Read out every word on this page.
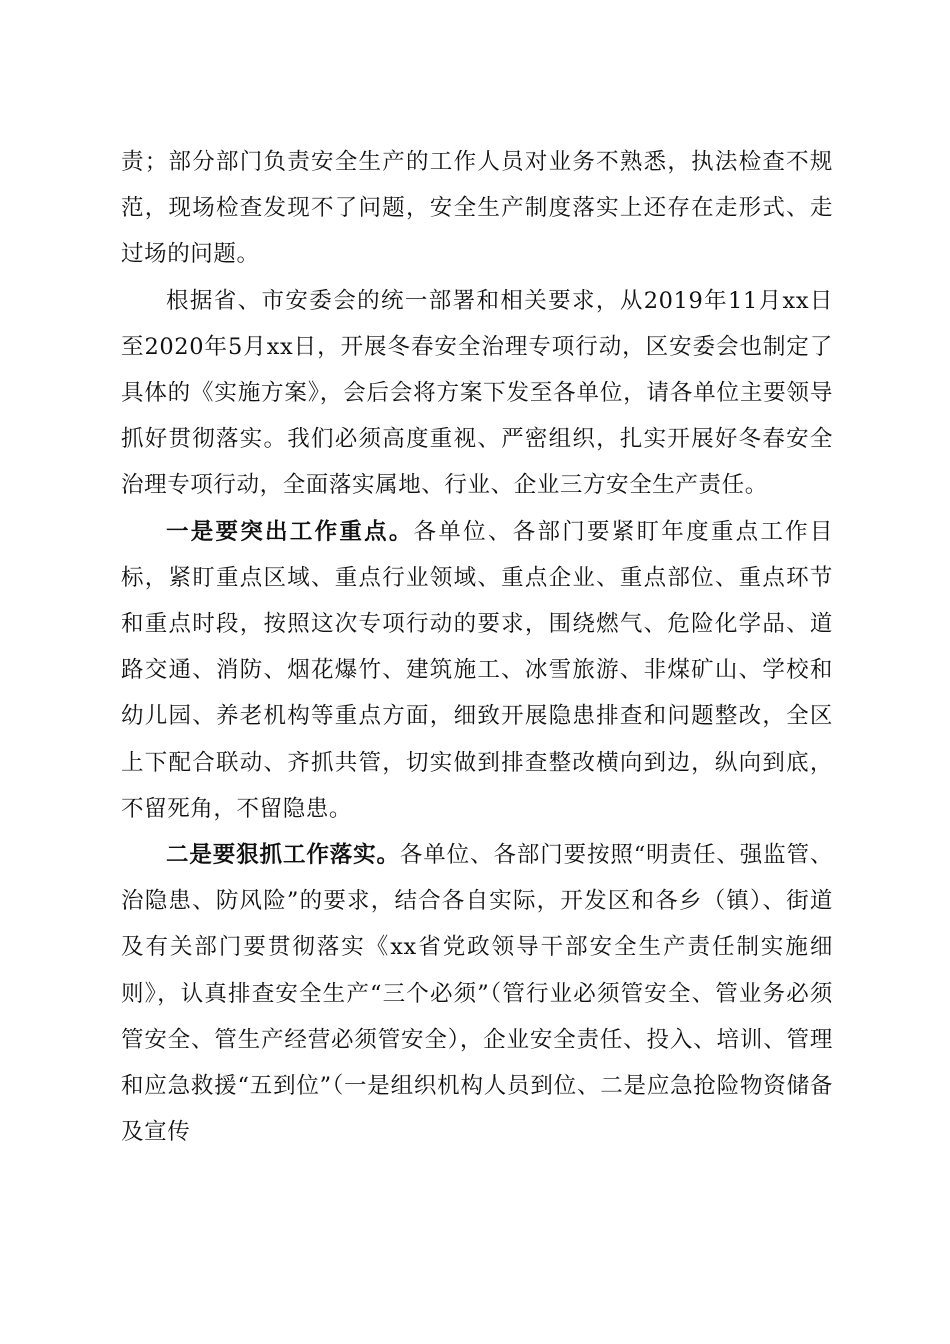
责；部分部门负责安全生产的工作人员对业务不熟悉，执法检查不规范，现场检查发现不了问题，安全生产制度落实上还存在走形式、走过场的问题。

根据省、市安委会的统一部署和相关要求，从2019年11月xx日至2020年5月xx日，开展冬春安全治理专项行动，区安委会也制定了具体的《实施方案》，会后会将方案下发至各单位，请各单位主要领导抓好贯彻落实。我们必须高度重视、严密组织，扎实开展好冬春安全治理专项行动，全面落实属地、行业、企业三方安全生产责任。

一是要突出工作重点。各单位、各部门要紧盯年度重点工作目标，紧盯重点区域、重点行业领域、重点企业、重点部位、重点环节和重点时段，按照这次专项行动的要求，围绕燃气、危险化学品、道路交通、消防、烟花爆竹、建筑施工、冰雪旅游、非煤矿山、学校和幼儿园、养老机构等重点方面，细致开展隐患排查和问题整改，全区上下配合联动、齐抓共管，切实做到排查整改横向到边，纵向到底，不留死角，不留隐患。

二是要狠抓工作落实。各单位、各部门要按照“明责任、强监管、治隐患、防风险”的要求，结合各自实际，开发区和各乡（镇）、街道及有关部门要贯彻落实《xx省党政领导干部安全生产责任制实施细则》，认真排查安全生产“三个必须”（管行业必须管安全、管业务必须管安全、管生产经营必须管安全），企业安全责任、投入、培训、管理和应急救援“五到位”（一是组织机构人员到位、二是应急抢险物资储备及宣传
